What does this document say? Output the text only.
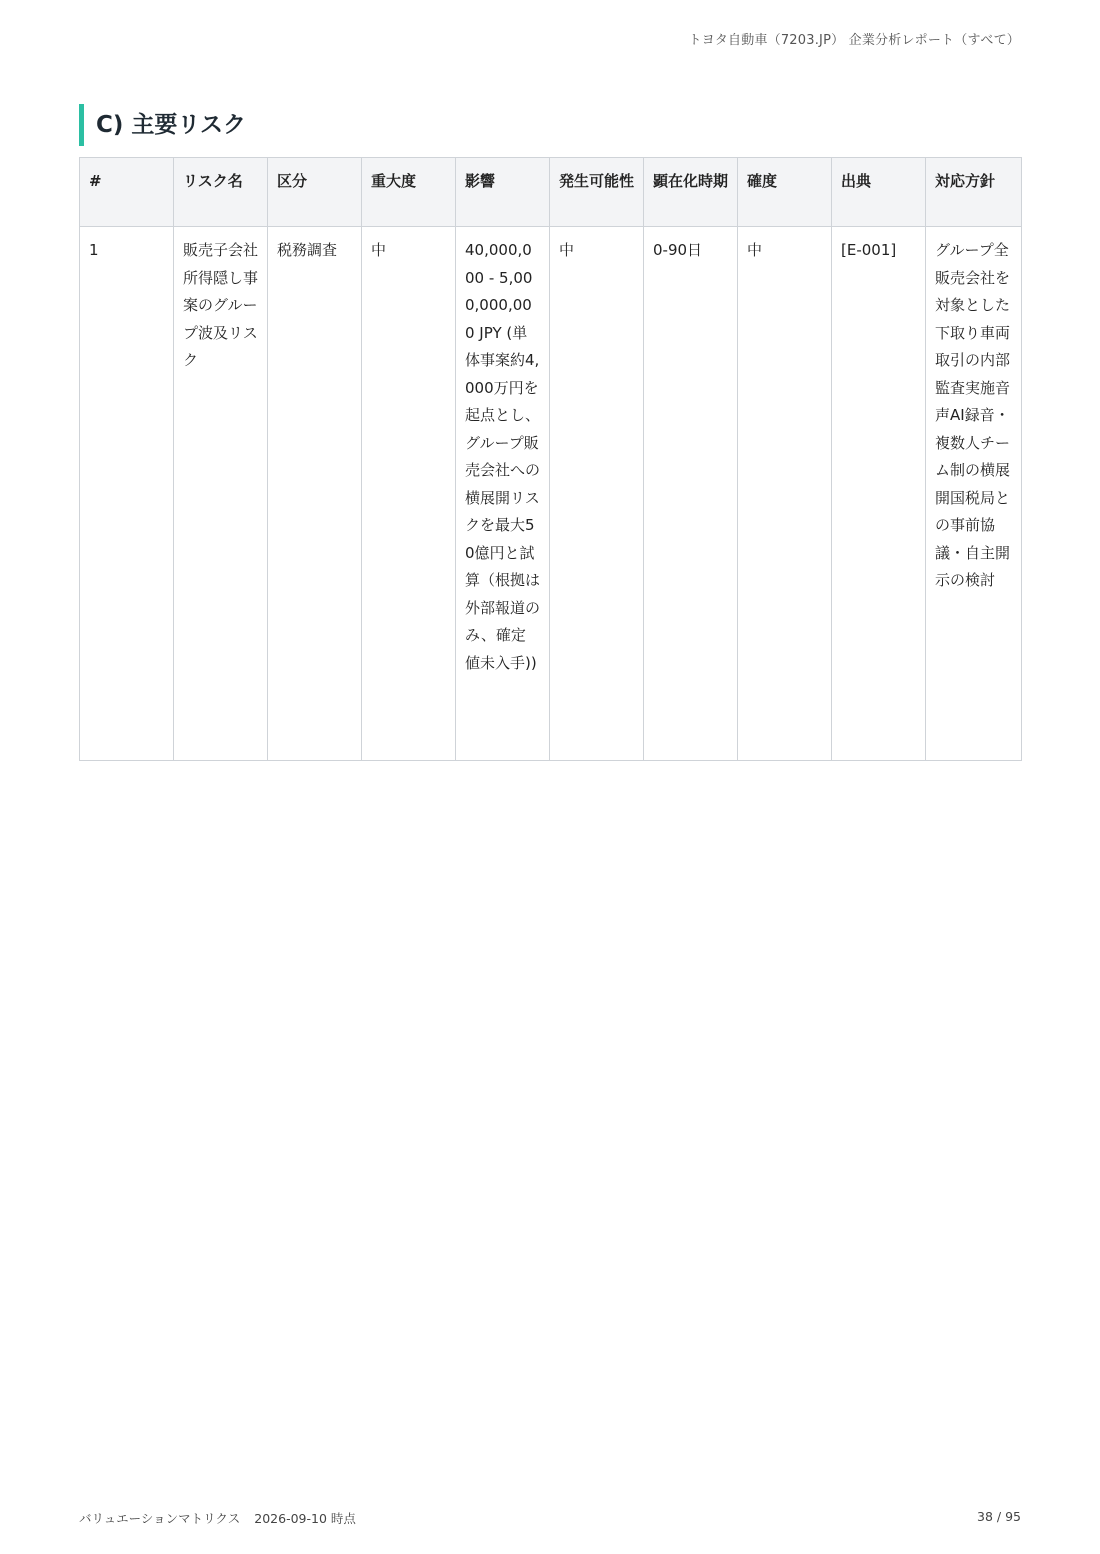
トヨタ自動車（7203.JP） 企業分析レポート（すべて）
C) 主要リスク
#	リスク名	区分	重大度	影響	発生可能性	顕在化時期	確度	出典	対応方針
1	販売子会社所得隠し事案のグループ波及リスク	税務調査	中	40,000,000 - 5,000,000,000 JPY (単体事案約4,000万円を起点とし、グループ販売会社への横展開リスクを最大50億円と試算（根拠は外部報道のみ、確定値未入手))	中	0-90日	中	[E-001]	グループ全販売会社を対象とした下取り車両取引の内部監査実施音声AI録音・複数人チーム制の横展開国税局との事前協議・自主開示の検討
バリュエーションマトリクス 2026-09-10 時点	38 / 95
